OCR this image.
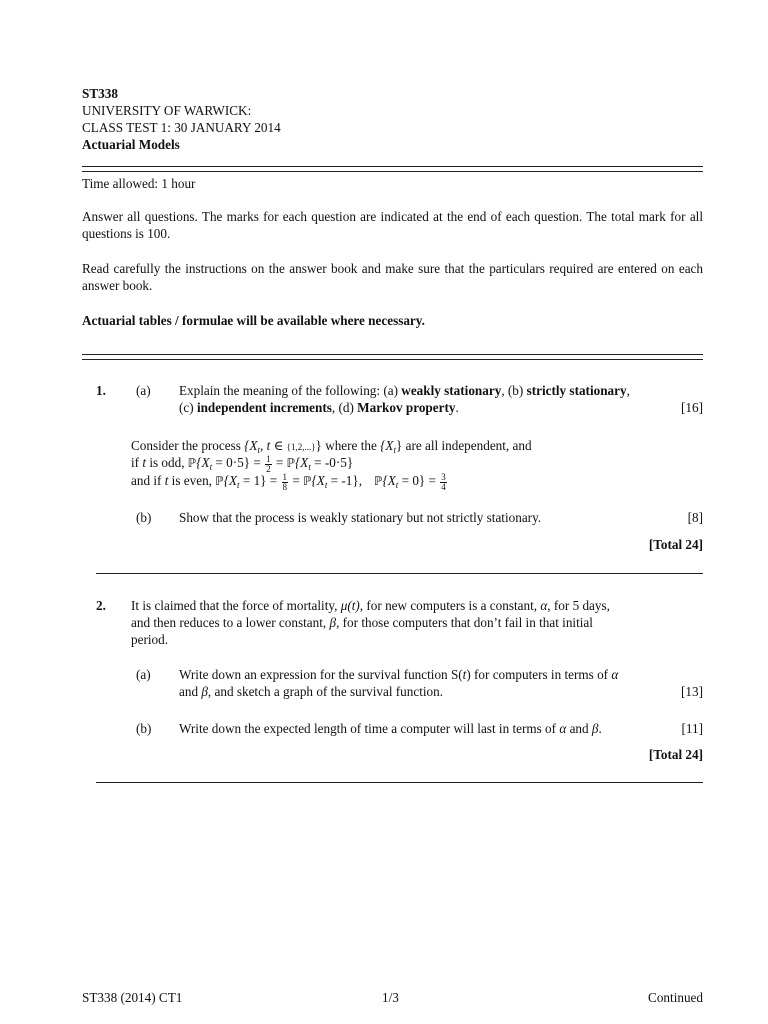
ST338
UNIVERSITY OF WARWICK:
CLASS TEST 1: 30 JANUARY 2014
Actuarial Models
Time allowed: 1 hour
Answer all questions. The marks for each question are indicated at the end of each question. The total mark for all questions is 100.
Read carefully the instructions on the answer book and make sure that the particulars required are entered on each answer book.
Actuarial tables / formulae will be available where necessary.
1. (a) Explain the meaning of the following: (a) weakly stationary, (b) strictly stationary,
(c) independent increments, (d) Markov property.	[16]
Consider the process {$X_t$, t ∈ {1,2,...}} where the $\{X_t\}$ are all independent, and
if t is odd, $ℙ\{X_t = 0\cdot 5\} = \frac{1}{2}$ = $ℙ\{X_t = -0\cdot 5\}$
and if t is even, $ℙ\{X_t = 1\} = \frac{1}{8}$ = $ℙ\{X_t = -1\}$, $ℙ\{X_t = 0\} = \frac{3}{4}$
(b) Show that the process is weakly stationary but not strictly stationary.	[8]
[Total 24]
2. It is claimed that the force of mortality, μ(t), for new computers is a constant, α, for 5 days,
and then reduces to a lower constant, β, for those computers that don’t fail in that initial
period.
(a) Write down an expression for the survival function S(t) for computers in terms of α
and β, and sketch a graph of the survival function.	[13]
(b) Write down the expected length of time a computer will last in terms of α and β.	[11]
[Total 24]
ST338 (2014) CT1	1/3	Continued
